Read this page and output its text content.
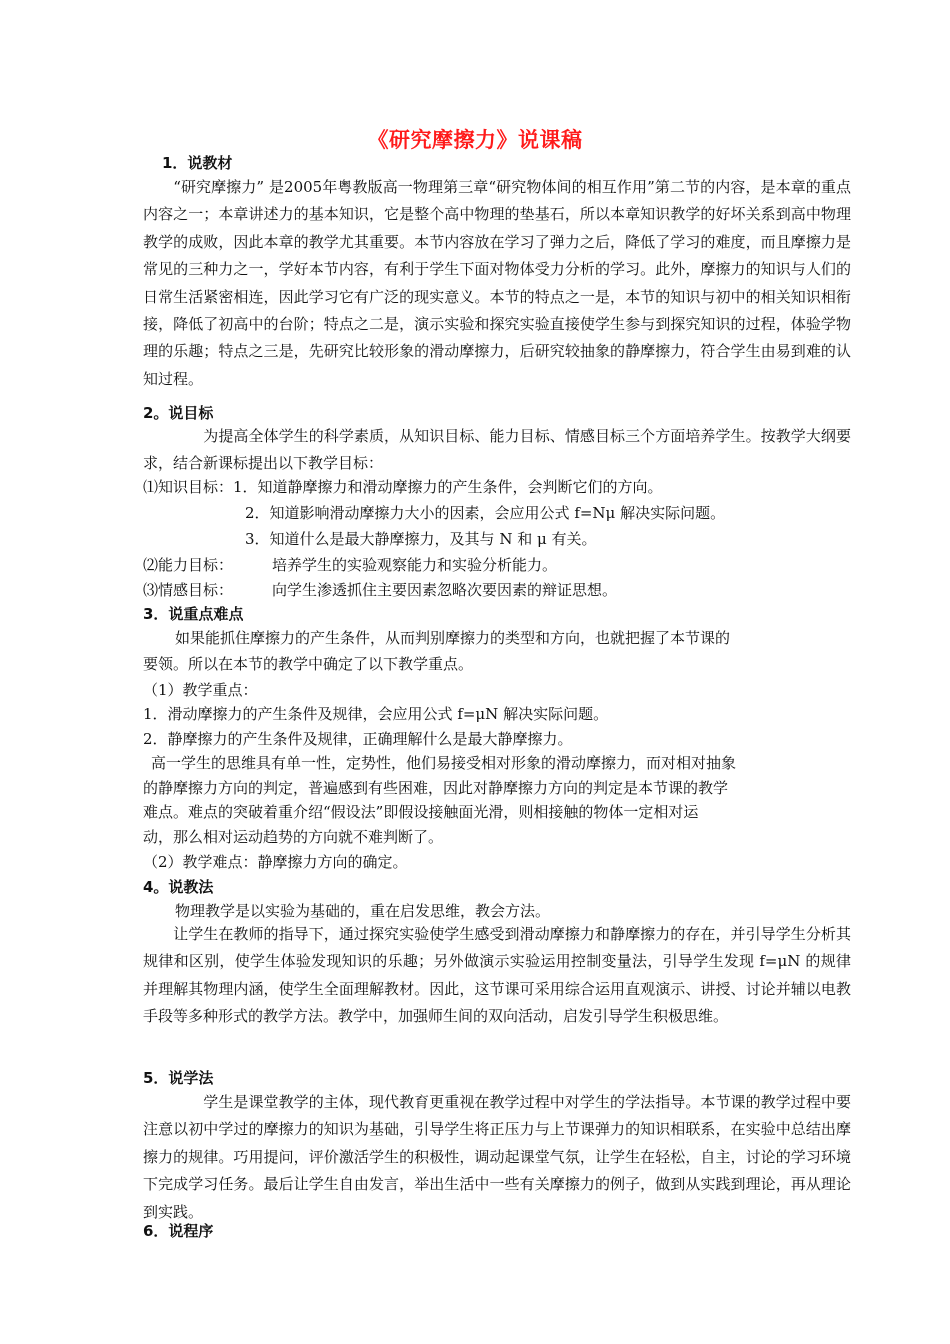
《研究摩擦力》说课稿
1．说教材

　　“研究摩擦力” 是2005年粤教版高一物理第三章“研究物体间的相互作用”第二节的内容，是本章的重点内容之一；本章讲述力的基本知识，它是整个高中物理的垫基石，所以本章知识教学的好坏关系到高中物理教学的成败，因此本章的教学尤其重要。本节内容放在学习了弹力之后，降低了学习的难度，而且摩擦力是常见的三种力之一，学好本节内容，有利于学生下面对物体受力分析的学习。此外，摩擦力的知识与人们的日常生活紧密相连，因此学习它有广泛的现实意义。本节的特点之一是，本节的知识与初中的相关知识相衔接，降低了初高中的台阶；特点之二是，演示实验和探究实验直接使学生参与到探究知识的过程，体验学物理的乐趣；特点之三是，先研究比较形象的滑动摩擦力，后研究较抽象的静摩擦力，符合学生由易到难的认知过程。

2。说目标

　　　　为提高全体学生的科学素质，从知识目标、能力目标、情感目标三个方面培养学生。按教学大纲要求，结合新课标提出以下教学目标：

⑴知识目标：1．知道静摩擦力和滑动摩擦力的产生条件，会判断它们的方向。
2．知道影响滑动摩擦力大小的因素，会应用公式 f=Nμ 解决实际问题。
3．知道什么是最大静摩擦力，及其与 N 和 μ 有关。
⑵能力目标：	培养学生的实验观察能力和实验分析能力。
⑶情感目标：	向学生渗透抓住主要因素忽略次要因素的辩证思想。
3．说重点难点
如果能抓住摩擦力的产生条件，从而判别摩擦力的类型和方向，也就把握了本节课的
要领。所以在本节的教学中确定了以下教学重点。
（1）教学重点：
1．滑动摩擦力的产生条件及规律，会应用公式 f=μN 解决实际问题。
2．静摩擦力的产生条件及规律，正确理解什么是最大静摩擦力。
高一学生的思维具有单一性，定势性，他们易接受相对形象的滑动摩擦力，而对相对抽象
的静摩擦力方向的判定，普遍感到有些困难，因此对静摩擦力方向的判定是本节课的教学
难点。难点的突破着重介绍“假设法”即假设接触面光滑，则相接触的物体一定相对运
动，那么相对运动趋势的方向就不难判断了。
（2）教学难点：静摩擦力方向的确定。
4。说教法
物理教学是以实验为基础的，重在启发思维，教会方法。

　　让学生在教师的指导下，通过探究实验使学生感受到滑动摩擦力和静摩擦力的存在，并引导学生分析其规律和区别，使学生体验发现知识的乐趣；另外做演示实验运用控制变量法，引导学生发现 f=μN 的规律并理解其物理内涵，使学生全面理解教材。因此，这节课可采用综合运用直观演示、讲授、讨论并辅以电教手段等多种形式的教学方法。教学中，加强师生间的双向活动，启发引导学生积极思维。

5．说学法

　　　　学生是课堂教学的主体，现代教育更重视在教学过程中对学生的学法指导。本节课的教学过程中要注意以初中学过的摩擦力的知识为基础，引导学生将正压力与上节课弹力的知识相联系，在实验中总结出摩擦力的规律。巧用提问，评价激活学生的积极性，调动起课堂气氛，让学生在轻松，自主，讨论的学习环境下完成学习任务。最后让学生自由发言，举出生活中一些有关摩擦力的例子，做到从实践到理论，再从理论到实践。

6．说程序
